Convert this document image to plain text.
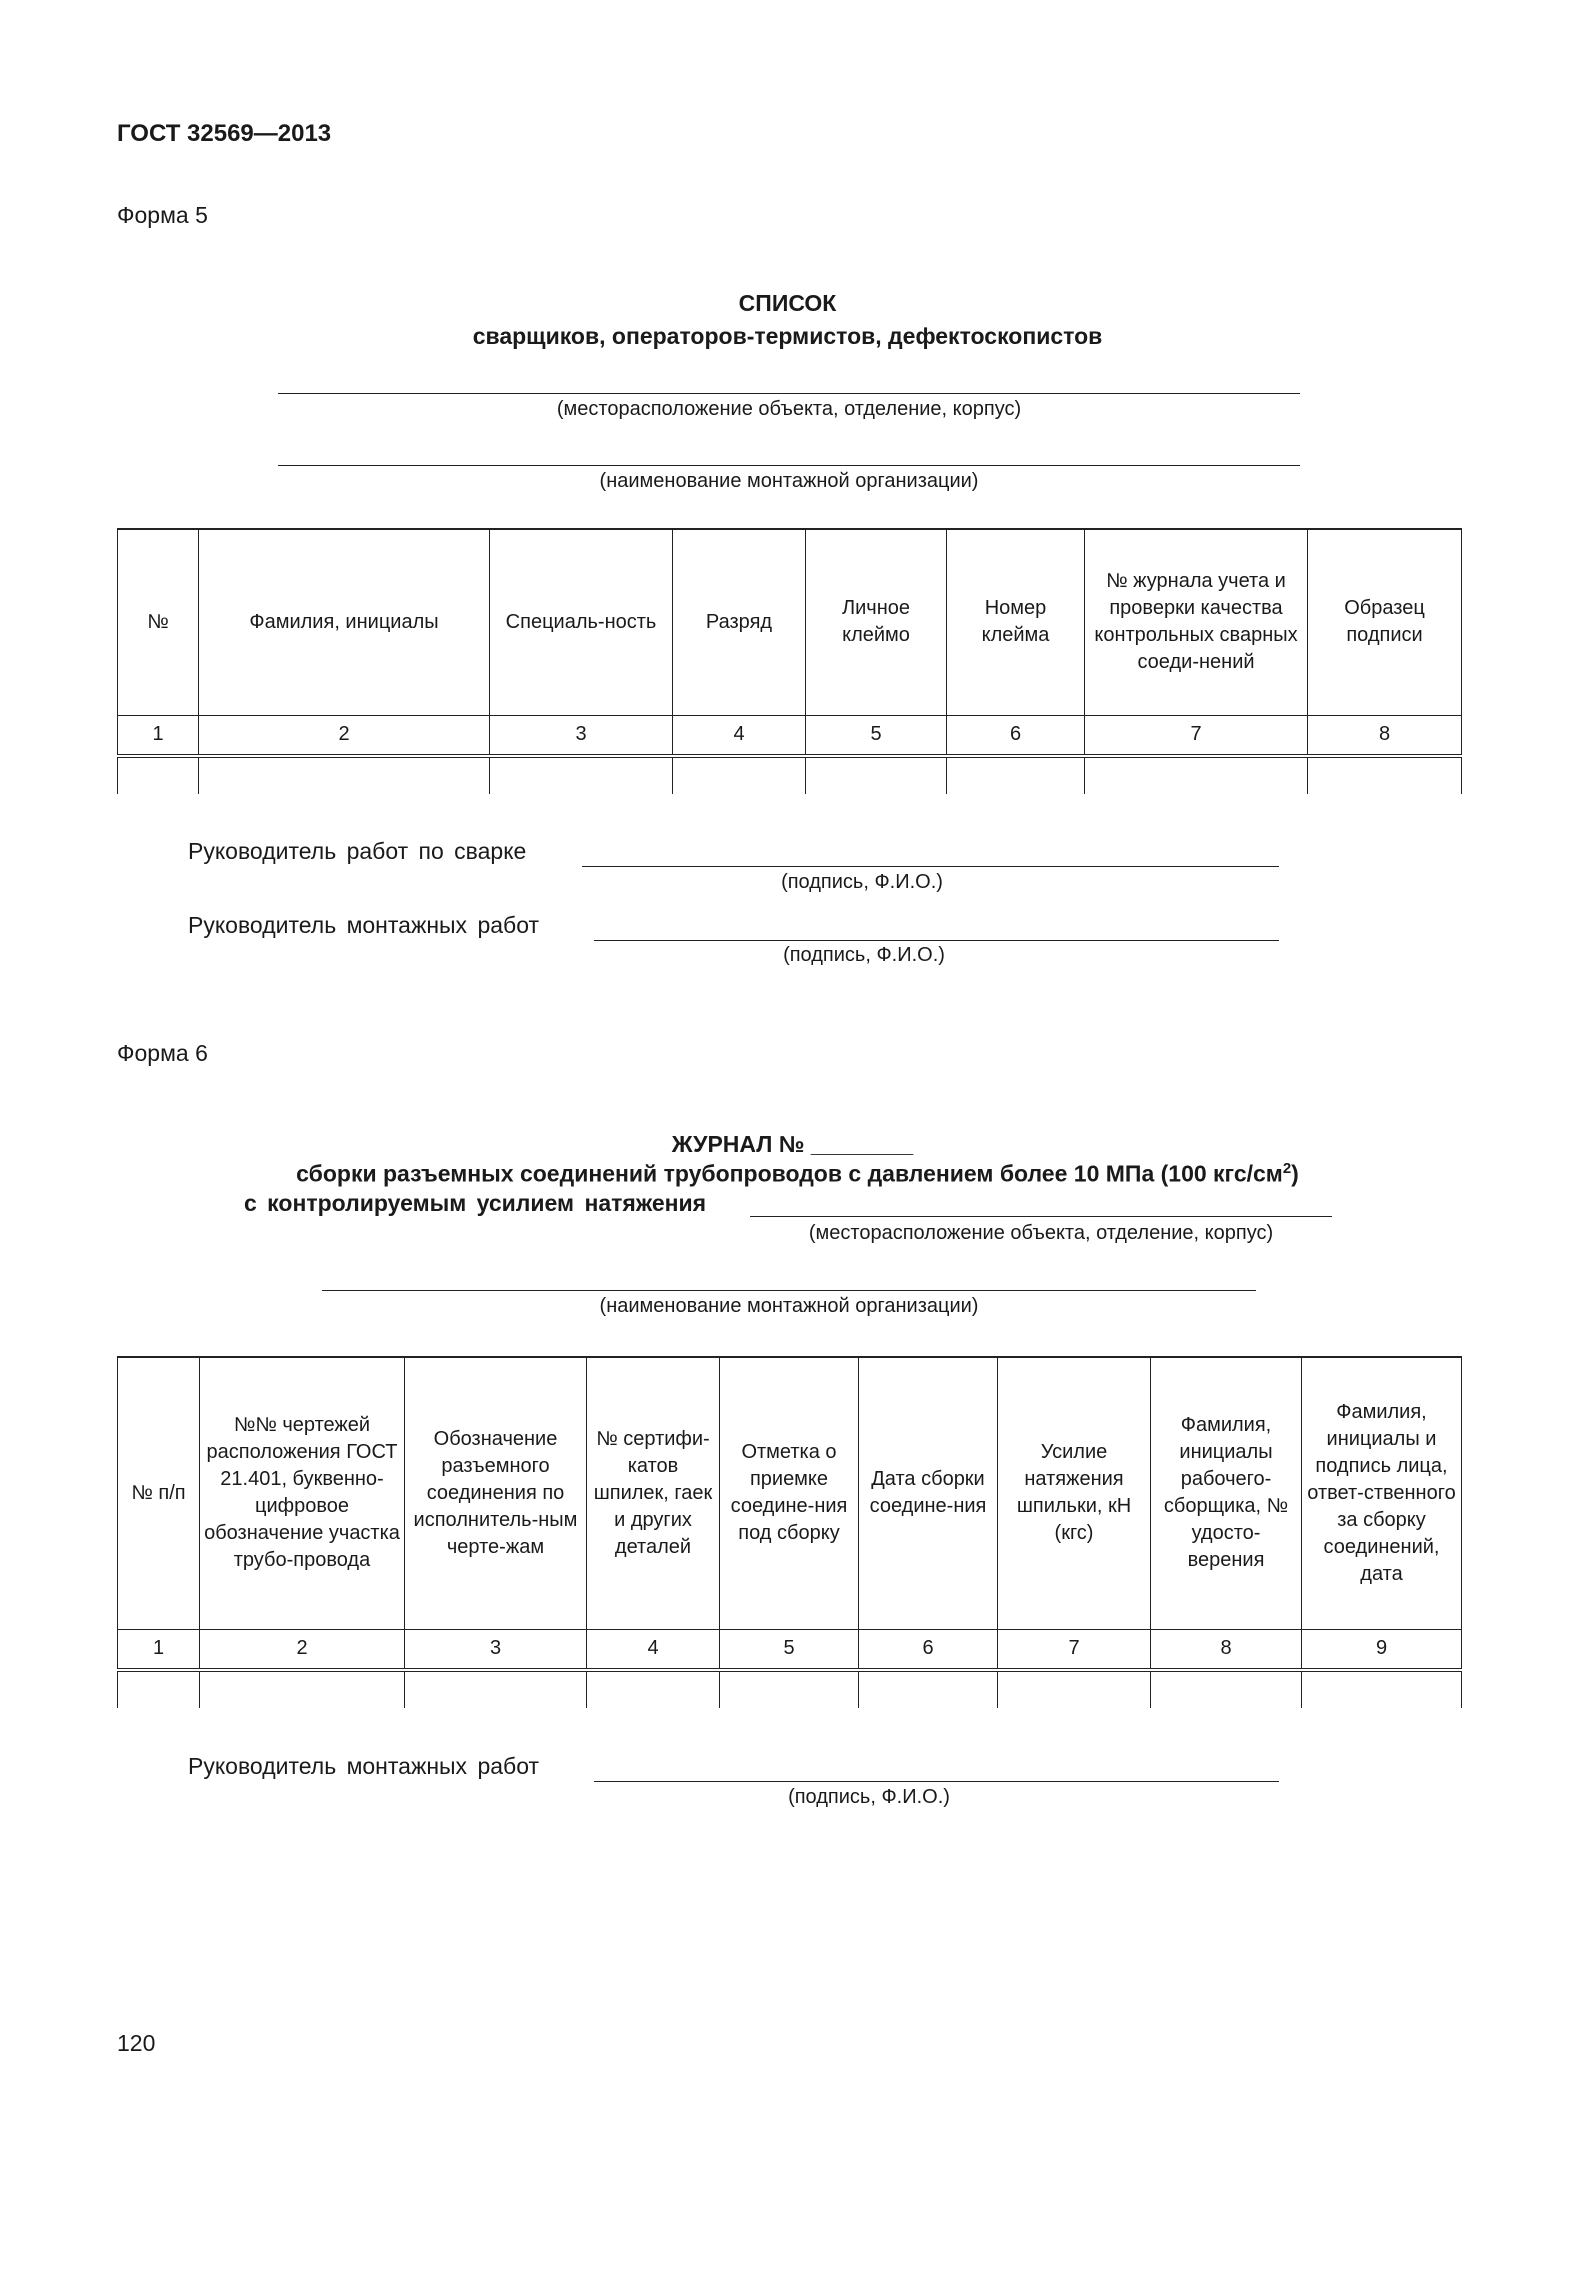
ГОСТ 32569—2013
Форма 5
СПИСОК
сварщиков, операторов-термистов, дефектоскопистов
(месторасположение объекта, отделение, корпус)
(наименование монтажной организации)
№	Фамилия, инициалы	Специаль-ность	Разряд	Личное клеймо	Номер клейма	№ журнала учета и проверки качества контрольных сварных соеди-нений	Образец подписи
1	2	3	4	5	6	7	8

Руководитель работ по сварке
(подпись, Ф.И.О.)
Руководитель монтажных работ
(подпись, Ф.И.О.)
Форма 6
ЖУРНАЛ № ________
сборки разъемных соединений трубопроводов с давлением более 10 МПа (100 кгс/$см^2$)
с контролируемым усилием натяжения
(месторасположение объекта, отделение, корпус)
(наименование монтажной организации)
№ п/п	№№ чертежей расположения ГОСТ 21.401, буквенно-цифровое обозначение участка трубо-провода	Обозначение разъемного соединения по исполнитель-ным черте-жам	№ сертифи-катов шпилек, гаек и других деталей	Отметка о приемке соедине-ния под сборку	Дата сборки соедине-ния	Усилие натяжения шпильки, кН (кгс)	Фамилия, инициалы рабочего-сборщика, № удосто-верения	Фамилия, инициалы и подпись лица, ответ-ственного за сборку соединений, дата
1	2	3	4	5	6	7	8	9

Руководитель монтажных работ
(подпись, Ф.И.О.)
120
